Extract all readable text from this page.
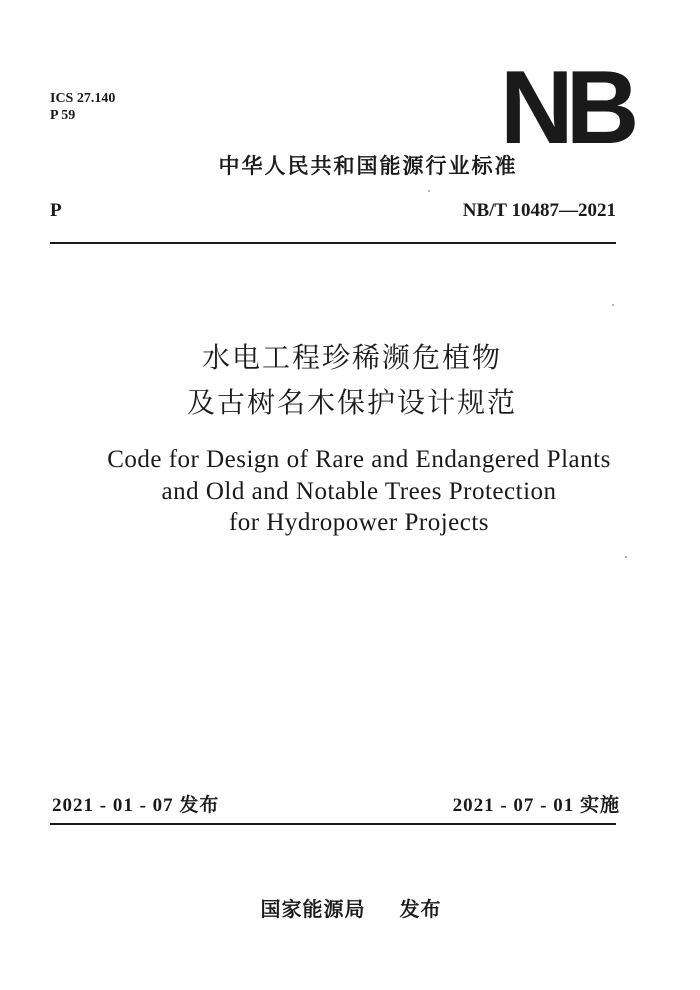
ICS 27.140
P 59	NB
中华人民共和国能源行业标准
P	NB/T 10487—2021
水电工程珍稀濒危植物
及古树名木保护设计规范
Code for Design of Rare and Endangered Plants
and Old and Notable Trees Protection
for Hydropower Projects
2021 - 01 - 07 发布	2021 - 07 - 01 实施
国家能源局 发布
